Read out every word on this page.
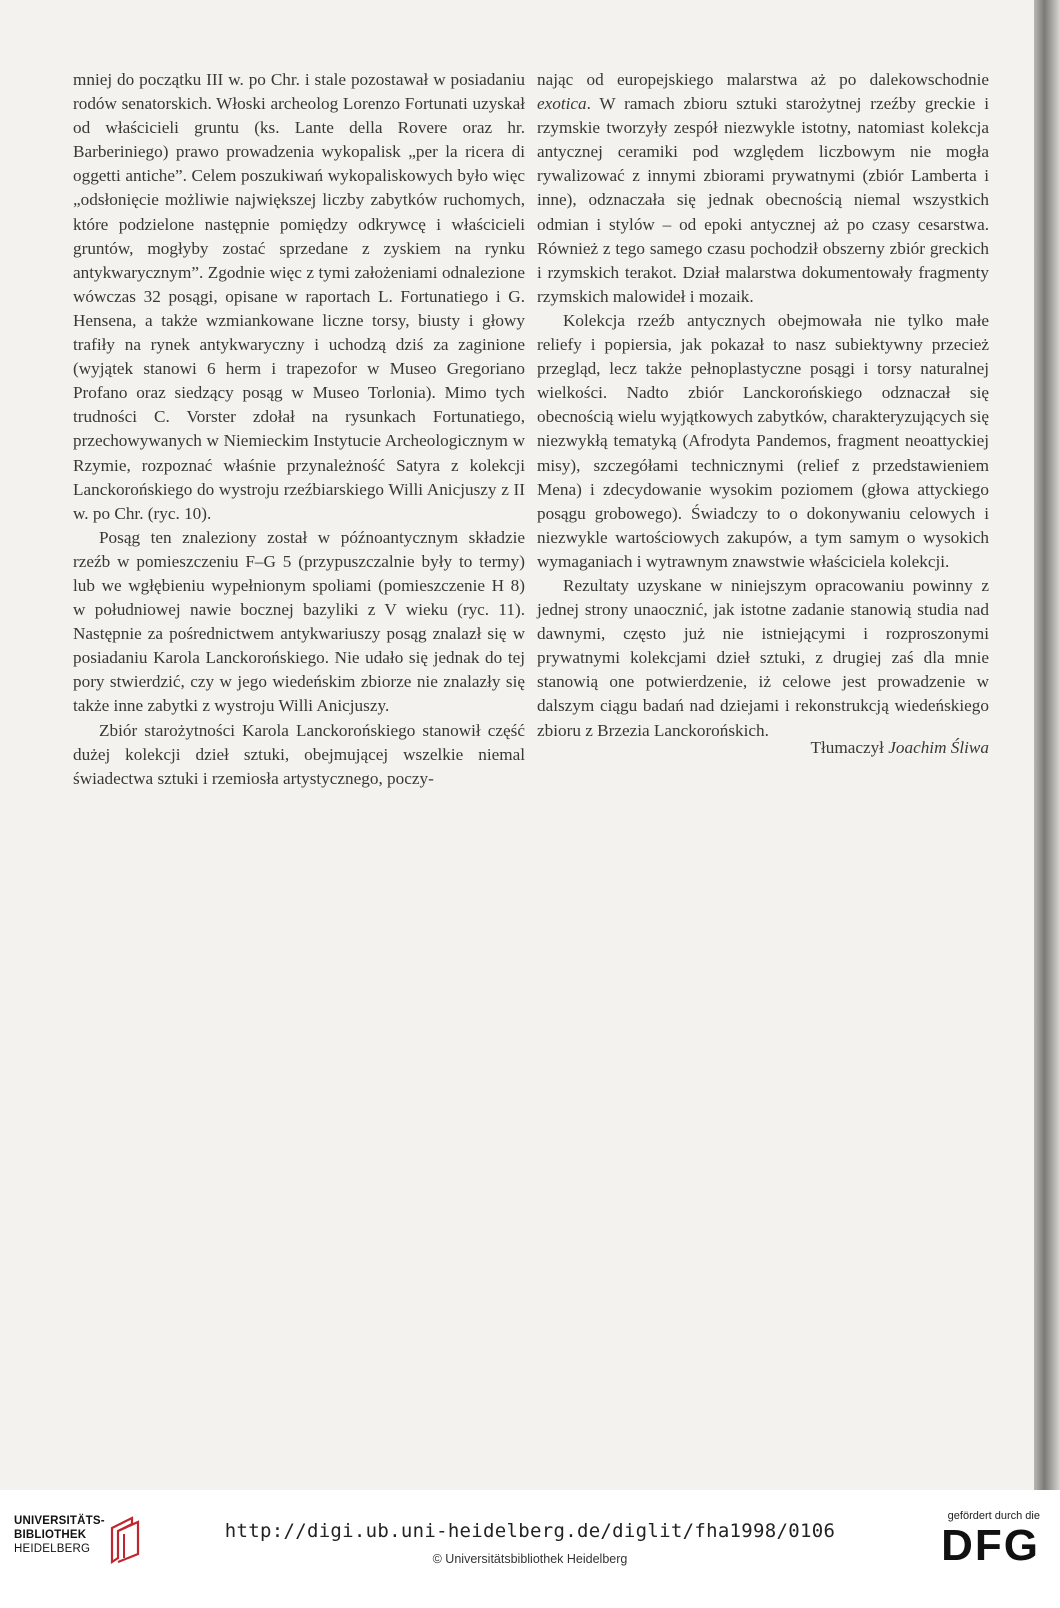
mniej do początku III w. po Chr. i stale pozostawał w posiadaniu rodów senatorskich. Włoski archeolog Lorenzo Fortunati uzyskał od właścicieli gruntu (ks. Lante della Rovere oraz hr. Barberiniego) prawo prowadzenia wykopalisk „per la ricera di oggetti antiche”. Celem poszukiwań wykopaliskowych było więc „odsłonięcie możliwie największej liczby zabytków ruchomych, które podzielone następnie pomiędzy odkrywcę i właścicieli gruntów, mogłyby zostać sprzedane z zyskiem na rynku antykwarycznym”. Zgodnie więc z tymi założeniami odnalezione wówczas 32 posągi, opisane w raportach L. Fortunatiego i G. Hensena, a także wzmiankowane liczne torsy, biusty i głowy trafiły na rynek antykwaryczny i uchodzą dziś za zaginione (wyjątek stanowi 6 herm i trapezofor w Museo Gregoriano Profano oraz siedzący posąg w Museo Torlonia). Mimo tych trudności C. Vorster zdołał na rysunkach Fortunatiego, przechowywanych w Niemieckim Instytucie Archeologicznym w Rzymie, rozpoznać właśnie przynależność Satyra z kolekcji Lanckorońskiego do wystroju rzeźbiarskiego Willi Anicjuszy z II w. po Chr. (ryc. 10).

Posąg ten znaleziony został w późnoantycznym składzie rzeźb w pomieszczeniu F–G 5 (przypuszczalnie były to termy) lub we wgłębieniu wypełnionym spoliami (pomieszczenie H 8) w południowej nawie bocznej bazyliki z V wieku (ryc. 11). Następnie za pośrednictwem antykwariuszy posąg znalazł się w posiadaniu Karola Lanckorońskiego. Nie udało się jednak do tej pory stwierdzić, czy w jego wiedeńskim zbiorze nie znalazły się także inne zabytki z wystroju Willi Anicjuszy.

Zbiór starożytności Karola Lanckorońskiego stanowił część dużej kolekcji dzieł sztuki, obejmującej wszelkie niemal świadectwa sztuki i rzemiosła artystycznego, poczy-

nając od europejskiego malarstwa aż po dalekowschodnie exotica. W ramach zbioru sztuki starożytnej rzeźby greckie i rzymskie tworzyły zespół niezwykle istotny, natomiast kolekcja antycznej ceramiki pod względem liczbowym nie mogła rywalizować z innymi zbiorami prywatnymi (zbiór Lamberta i inne), odznaczała się jednak obecnością niemal wszystkich odmian i stylów – od epoki antycznej aż po czasy cesarstwa. Również z tego samego czasu pochodził obszerny zbiór greckich i rzymskich terakot. Dział malarstwa dokumentowały fragmenty rzymskich malowideł i mozaik.

Kolekcja rzeźb antycznych obejmowała nie tylko małe reliefy i popiersia, jak pokazał to nasz subiektywny przecież przegląd, lecz także pełnoplastyczne posągi i torsy naturalnej wielkości. Nadto zbiór Lanckorońskiego odznaczał się obecnością wielu wyjątkowych zabytków, charakteryzujących się niezwykłą tematyką (Afrodyta Pandemos, fragment neoattyckiej misy), szczegółami technicznymi (relief z przedstawieniem Mena) i zdecydowanie wysokim poziomem (głowa attyckiego posągu grobowego). Świadczy to o dokonywaniu celowych i niezwykle wartościowych zakupów, a tym samym o wysokich wymaganiach i wytrawnym znawstwie właściciela kolekcji.

Rezultaty uzyskane w niniejszym opracowaniu powinny z jednej strony unaocznić, jak istotne zadanie stanowią studia nad dawnymi, często już nie istniejącymi i rozproszonymi prywatnymi kolekcjami dzieł sztuki, z drugiej zaś dla mnie stanowią one potwierdzenie, iż celowe jest prowadzenie w dalszym ciągu badań nad dziejami i rekonstrukcją wiedeńskiego zbioru z Brzezia Lanckorońskich.

Tłumaczył Joachim Śliwa
UNIVERSITÄTS-
BIBLIOTHEK
HEIDELBERG
http://digi.ub.uni-heidelberg.de/diglit/fha1998/0106
© Universitätsbibliothek Heidelberg
gefördert durch die
DFG
